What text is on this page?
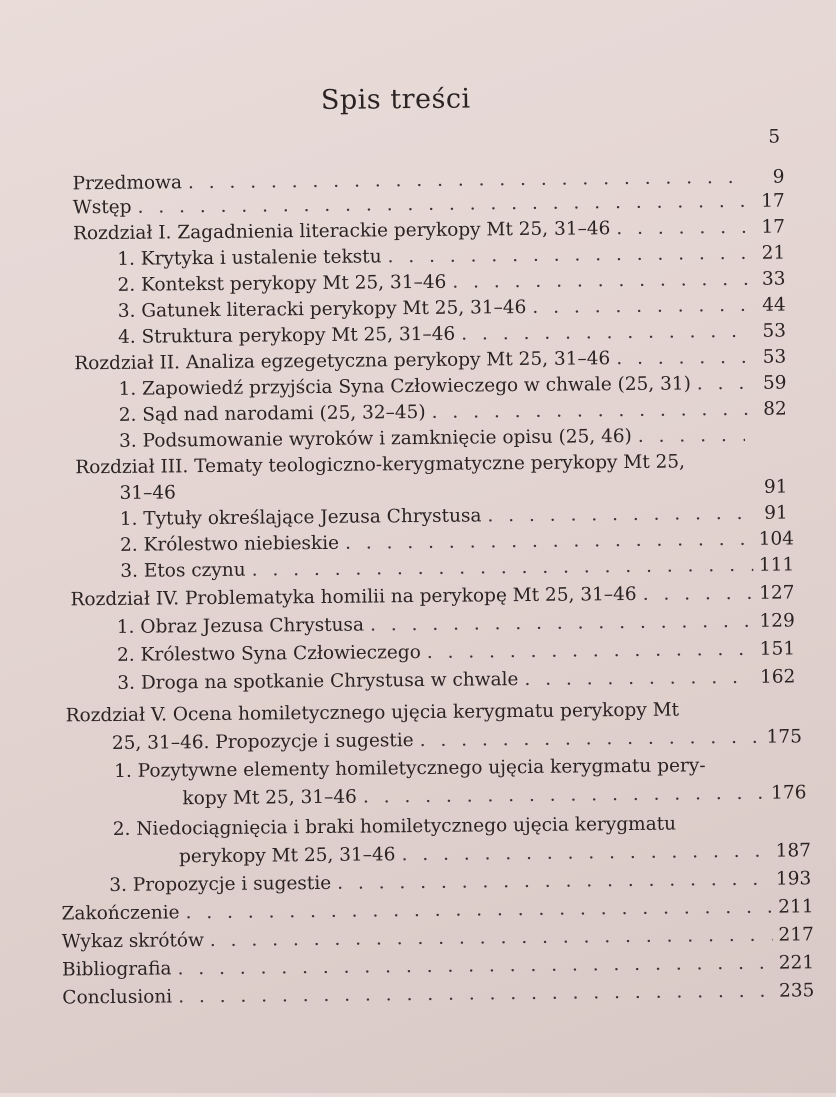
Spis treści
5
Przedmowa . . .	9
Wstęp . . .	17
Rozdział I. Zagadnienia literackie perykopy Mt 25, 31–46 . . .	17
1. Krytyka i ustalenie tekstu . . .	21
2. Kontekst perykopy Mt 25, 31–46 . . .	33
3. Gatunek literacki perykopy Mt 25, 31–46 . . .	44
4. Struktura perykopy Mt 25, 31–46 . . .	53
Rozdział II. Analiza egzegetyczna perykopy Mt 25, 31–46 . . .	53
1. Zapowiedź przyjścia Syna Człowieczego w chwale (25, 31) . . .	59
2. Sąd nad narodami (25, 32–45) . . .	82
3. Podsumowanie wyroków i zamknięcie opisu (25, 46)
. . .
Rozdział III. Tematy teologiczno-kerygmatyczne perykopy Mt 25,
31–46	91
1. Tytuły określające Jezusa Chrystusa . . .	91
2. Królestwo niebieskie . . .	104
3. Etos czynu . . .	111
Rozdział IV. Problematyka homilii na perykopę Mt 25, 31–46 . . .	127
1. Obraz Jezusa Chrystusa . . .	129
2. Królestwo Syna Człowieczego . . .	151
3. Droga na spotkanie Chrystusa w chwale . . .	162
Rozdział V. Ocena homiletycznego ujęcia kerygmatu perykopy Mt
25, 31–46. Propozycje i sugestie . . .	175
1. Pozytywne elementy homiletycznego ujęcia kerygmatu pery-
kopy Mt 25, 31–46 . . .	176
2. Niedociągnięcia i braki homiletycznego ujęcia kerygmatu
perykopy Mt 25, 31–46 . . .	187
3. Propozycje i sugestie . . .	193
Zakończenie . . .	211
Wykaz skrótów . . .	217
Bibliografia . . .	221
Conclusioni . . .	235
